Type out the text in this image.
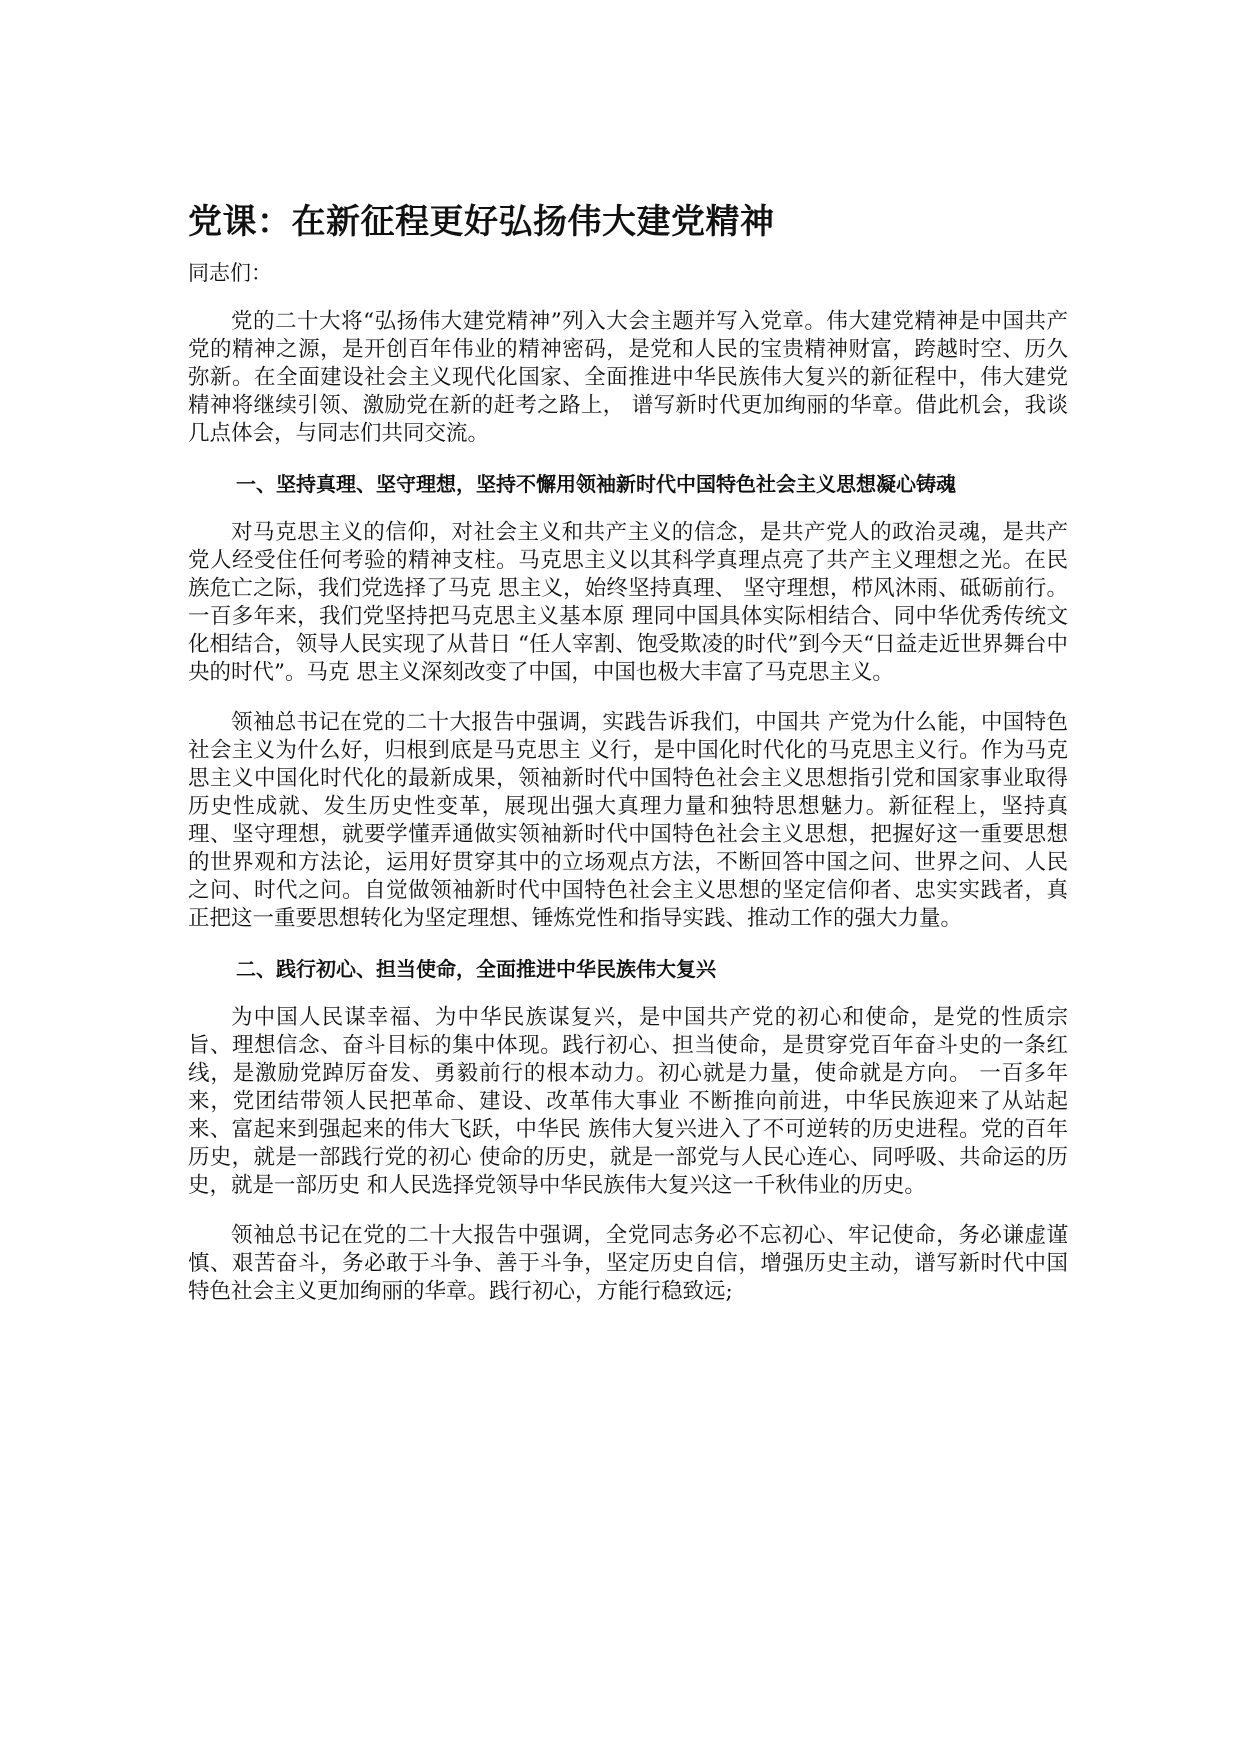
党课：在新征程更好弘扬伟大建党精神

同志们：

党的二十大将“弘扬伟大建党精神”列入大会主题并写入党章。伟大建党精神是中国共产党的精神之源，是开创百年伟业的精神密码，是党和人民的宝贵精神财富，跨越时空、历久弥新。在全面建设社会主义现代化国家、全面推进中华民族伟大复兴的新征程中，伟大建党精神将继续引领、激励党在新的赶考之路上， 谱写新时代更加绚丽的华章。借此机会，我谈几点体会，与同志们共同交流。

一、坚持真理、坚守理想，坚持不懈用领袖新时代中国特色社会主义思想凝心铸魂

对马克思主义的信仰，对社会主义和共产主义的信念，是共产党人的政治灵魂，是共产党人经受住任何考验的精神支柱。马克思主义以其科学真理点亮了共产主义理想之光。在民族危亡之际，我们党选择了马克 思主义，始终坚持真理、 坚守理想，栉风沐雨、砥砺前行。 一百多年来，我们党坚持把马克思主义基本原 理同中国具体实际相结合、同中华优秀传统文化相结合，领导人民实现了从昔日 “任人宰割、饱受欺凌的时代”到今天“日益走近世界舞台中央的时代”。马克 思主义深刻改变了中国，中国也极大丰富了马克思主义。

领袖总书记在党的二十大报告中强调，实践告诉我们，中国共 产党为什么能，中国特色社会主义为什么好，归根到底是马克思主 义行，是中国化时代化的马克思主义行。作为马克思主义中国化时代化的最新成果，领袖新时代中国特色社会主义思想指引党和国家事业取得历史性成就、发生历史性变革，展现出强大真理力量和独特思想魅力。新征程上，坚持真理、坚守理想，就要学懂弄通做实领袖新时代中国特色社会主义思想，把握好这一重要思想的世界观和方法论，运用好贯穿其中的立场观点方法，不断回答中国之问、世界之问、人民之问、时代之问。自觉做领袖新时代中国特色社会主义思想的坚定信仰者、忠实实践者，真正把这一重要思想转化为坚定理想、锤炼党性和指导实践、推动工作的强大力量。

二、践行初心、担当使命，全面推进中华民族伟大复兴

为中国人民谋幸福、为中华民族谋复兴，是中国共产党的初心和使命，是党的性质宗旨、理想信念、奋斗目标的集中体现。践行初心、担当使命，是贯穿党百年奋斗史的一条红线，是激励党踔厉奋发、勇毅前行的根本动力。初心就是力量，使命就是方向。 一百多年来，党团结带领人民把革命、建设、改革伟大事业 不断推向前进，中华民族迎来了从站起来、富起来到强起来的伟大飞跃，中华民 族伟大复兴进入了不可逆转的历史进程。党的百年历史，就是一部践行党的初心 使命的历史，就是一部党与人民心连心、同呼吸、共命运的历史，就是一部历史 和人民选择党领导中华民族伟大复兴这一千秋伟业的历史。

领袖总书记在党的二十大报告中强调，全党同志务必不忘初心、牢记使命，务必谦虚谨慎、艰苦奋斗，务必敢于斗争、善于斗争，坚定历史自信，增强历史主动，谱写新时代中国特色社会主义更加绚丽的华章。践行初心，方能行稳致远;
